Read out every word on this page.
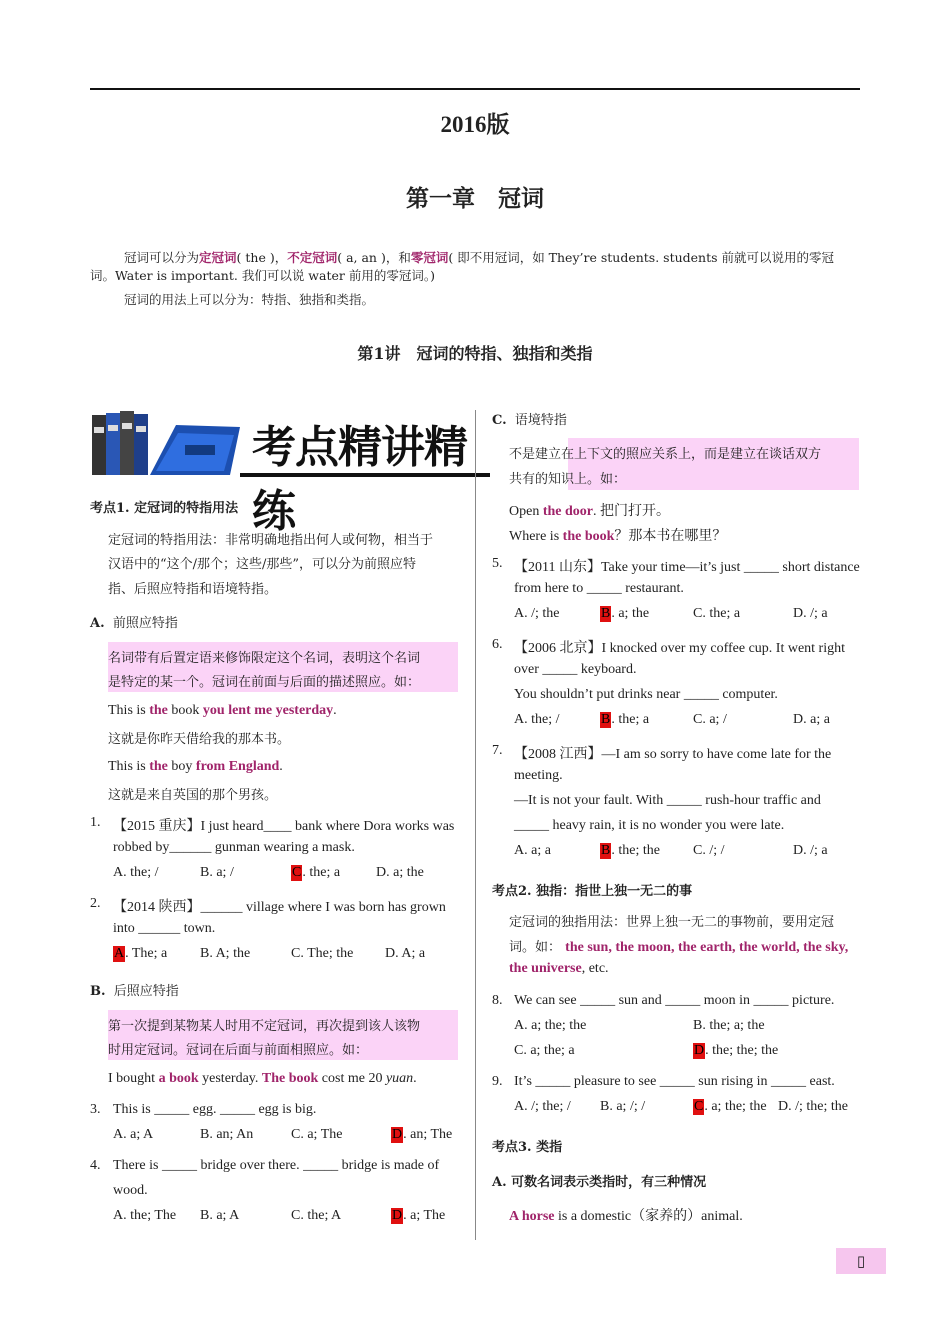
2016版
第一章　冠词
冠词可以分为定冠词( the )，不定冠词( a, an )，和零冠词( 即不用冠词，如 They’re students. students 前就可以说用的零冠
词。Water is important. 我们可以说 water 前用的零冠词。)
冠词的用法上可以分为：特指、独指和类指。
第1讲　冠词的特指、独指和类指
考点精讲精练
考点1. 定冠词的特指用法
定冠词的特指用法：非常明确地指出何人或何物，相当于
汉语中的“这个/那个；这些/那些”，可以分为前照应特
指、后照应特指和语境特指。
A. 前照应特指
名词带有后置定语来修饰限定这个名词，表明这个名词
是特定的某一个。冠词在前面与后面的描述照应。如：
This is the book you lent me yesterday.
这就是你昨天借给我的那本书。
This is the boy from England.
这就是来自英国的那个男孩。
1. 【2015 重庆】I just heard____ bank where Dora works was
robbed by______ gunman wearing a mask.
A. the; /	B. a; /	C. the; a	D. a; the
2. 【2014 陕西】______ village where I was born has grown
into ______ town.
A. The; a B. A; the	C. The; the D. A; a
B. 后照应特指
第一次提到某物某人时用不定冠词，再次提到该人该物
时用定冠词。冠词在后面与前面相照应。如：
I bought a book yesterday. The book cost me 20 yuan.
3. This is _____ egg. _____ egg is big.
A. a; A	B. an; An	C. a; The	D. an; The
4. There is _____ bridge over there. _____ bridge is made of
wood.
A. the; The B. a; A	C. the; A	D. a; The
C. 语境特指
不是建立在上下文的照应关系上，而是建立在谈话双方
共有的知识上。如：
Open the door. 把门打开。
Where is the book？那本书在哪里？
5. 【2011 山东】Take your time—it’s just _____ short distance
from here to _____ restaurant.
A. /; the	B. a; the	C. the; a	D. /; a
6. 【2006 北京】I knocked over my coffee cup. It went right
over _____ keyboard.
You shouldn’t put drinks near _____ computer.
A. the; /	B. the; a	C. a; /	D. a; a
7. 【2008 江西】—I am so sorry to have come late for the
meeting.
—It is not your fault. With _____ rush-hour traffic and
_____ heavy rain, it is no wonder you were late.
A. a; a	B. the; the C. /; /	D. /; a
考点2. 独指：指世上独一无二的事
定冠词的独指用法：世界上独一无二的事物前，要用定冠
词。如： the sun, the moon, the earth, the world, the sky,
the universe, etc.
8. We can see _____ sun and _____ moon in _____ picture.
A. a; the; the	B. the; a; the
C. a; the; a	D. the; the; the
9. It’s _____ pleasure to see _____ sun rising in _____ east.
A. /; the; / B. a; /; /	C. a; the; the D. /; the; the
考点3. 类指
A. 可数名词表示类指时，有三种情况
A horse is a domestic（家养的）animal.
▯
